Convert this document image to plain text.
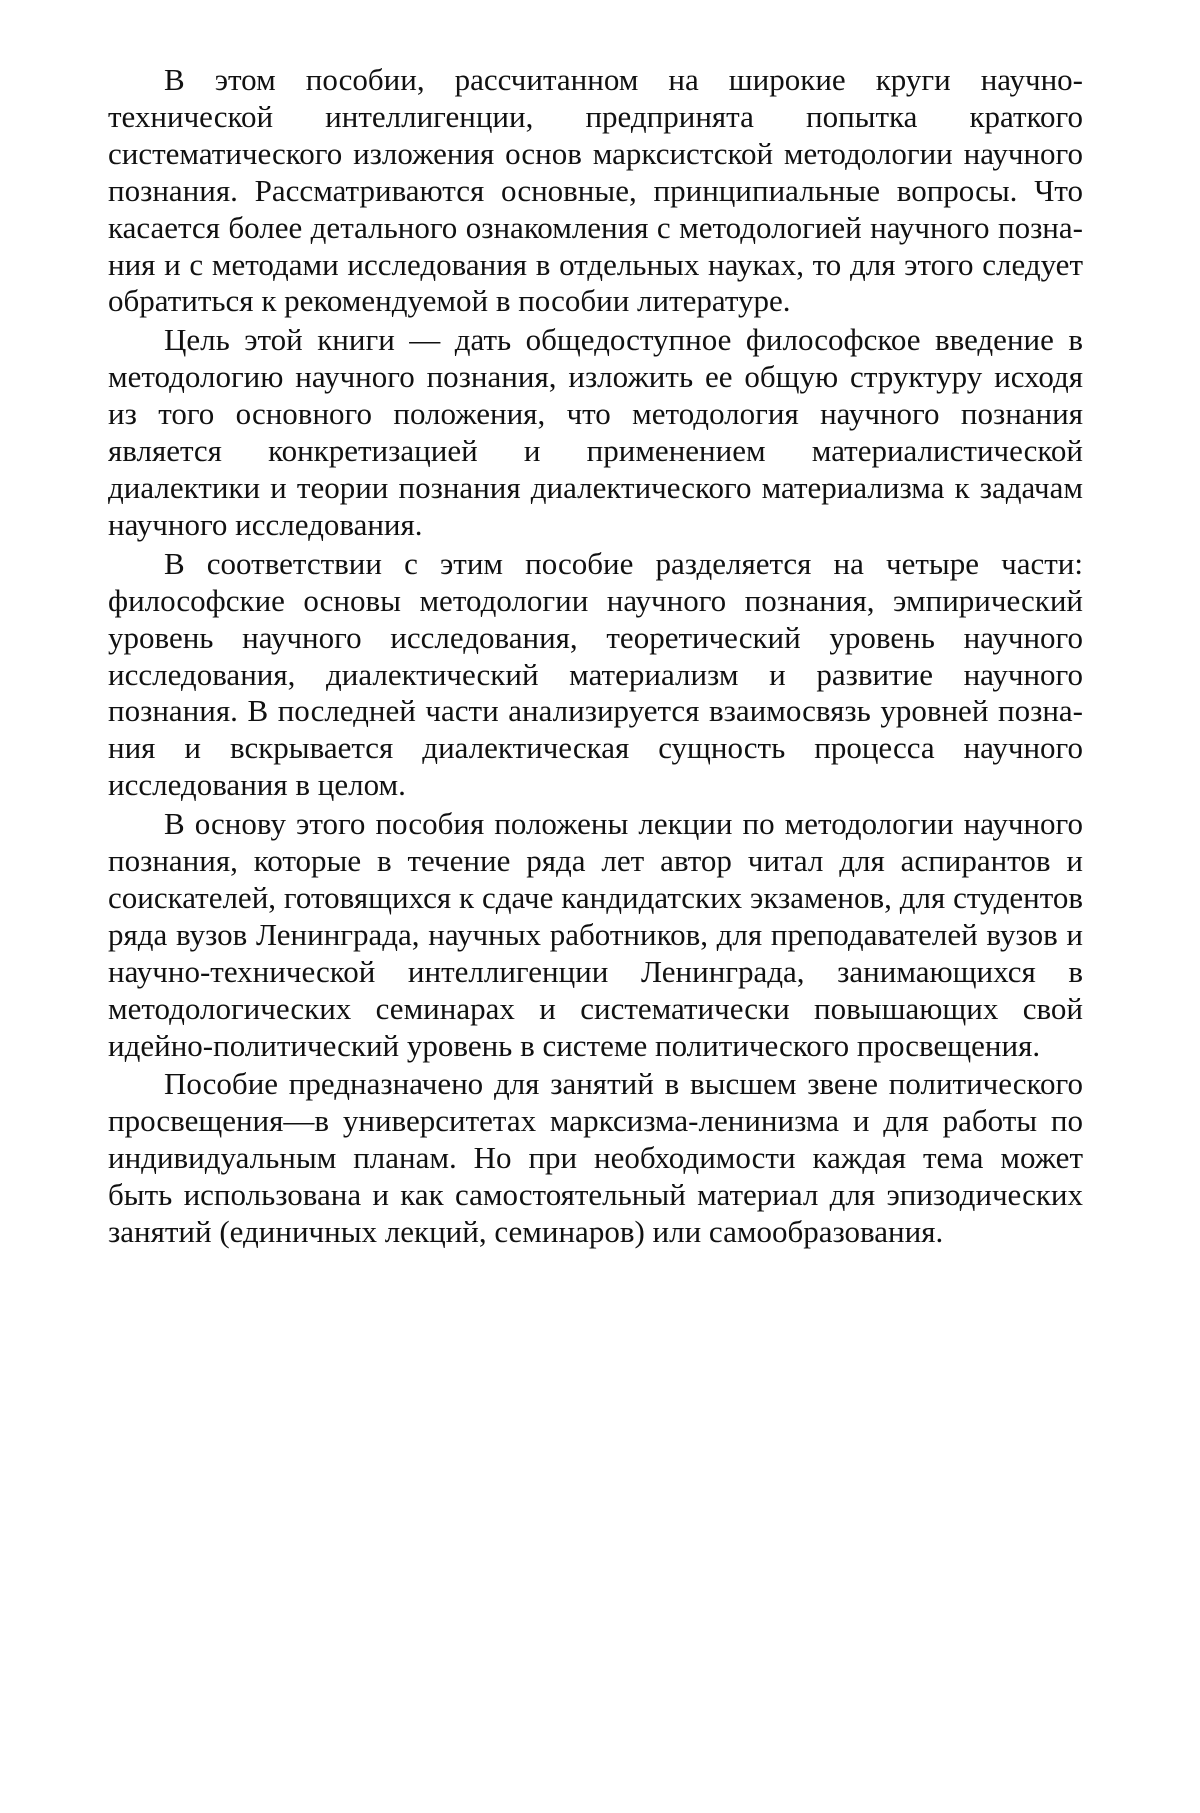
В этом пособии, рассчитанном на широкие круги научно-технической интеллигенции, предпринята попытка краткого систематического изложения основ марксистской методологии научного познания. Рассматриваются основные, принципиальные вопросы. Что касается более детального ознакомления с методологией научного познания и с методами исследования в отдельных науках, то для этого следует обратиться к рекомендуемой в пособии литературе.

Цель этой книги — дать общедоступное философское введение в методологию научного познания, изложить ее общую структуру исходя из того основного положения, что методология научного познания является конкретизацией и применением материалистической диалектики и теории познания диалектического материализма к задачам научного исследования.

В соответствии с этим пособие разделяется на четыре части: философские основы методологии научного познания, эмпирический уровень научного исследования, теоретический уровень научного исследования, диалектический материализм и развитие научного познания. В последней части анализируется взаимосвязь уровней познания и вскрывается диалектическая сущность процесса научного исследования в целом.

В основу этого пособия положены лекции по методологии научного познания, которые в течение ряда лет автор читал для аспирантов и соискателей, готовящихся к сдаче кандидатских экзаменов, для студентов ряда вузов Ленинграда, научных работников, для преподавателей вузов и научно-технической интеллигенции Ленинграда, занимающихся в методологических семинарах и систематически повышающих свой идейно-политический уровень в системе политического просвещения.

Пособие предназначено для занятий в высшем звене политического просвещения—в университетах марксизма-ленинизма и для работы по индивидуальным планам. Но при необходимости каждая тема может быть использована и как самостоятельный материал для эпизодических занятий (единичных лекций, семинаров) или самообразования.
